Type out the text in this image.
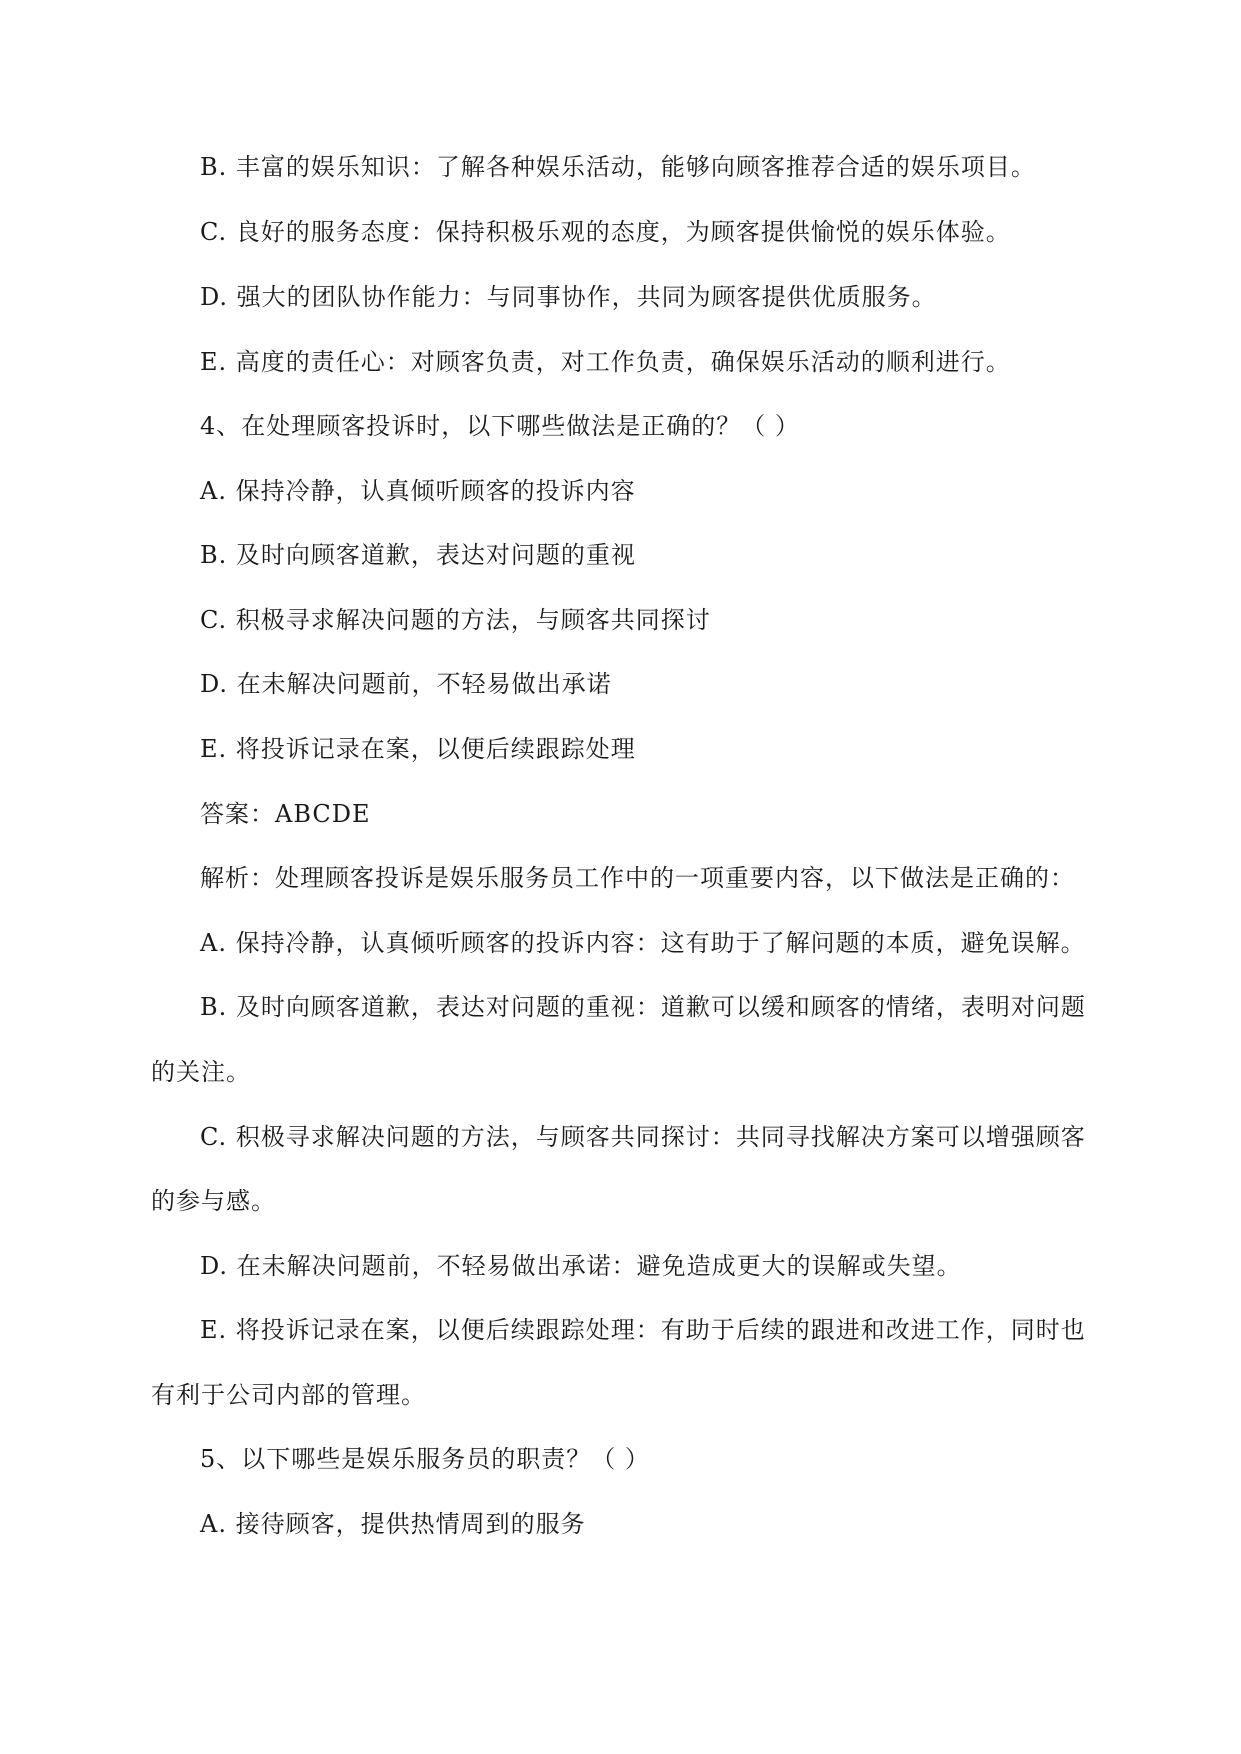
B. 丰富的娱乐知识：了解各种娱乐活动，能够向顾客推荐合适的娱乐项目。
C. 良好的服务态度：保持积极乐观的态度，为顾客提供愉悦的娱乐体验。
D. 强大的团队协作能力：与同事协作，共同为顾客提供优质服务。
E. 高度的责任心：对顾客负责，对工作负责，确保娱乐活动的顺利进行。
4、在处理顾客投诉时，以下哪些做法是正确的？（ ）
A. 保持冷静，认真倾听顾客的投诉内容
B. 及时向顾客道歉，表达对问题的重视
C. 积极寻求解决问题的方法，与顾客共同探讨
D. 在未解决问题前，不轻易做出承诺
E. 将投诉记录在案，以便后续跟踪处理
答案：ABCDE
解析：处理顾客投诉是娱乐服务员工作中的一项重要内容，以下做法是正确的：
A. 保持冷静，认真倾听顾客的投诉内容：这有助于了解问题的本质，避免误解。
B. 及时向顾客道歉，表达对问题的重视：道歉可以缓和顾客的情绪，表明对问题
的关注。
C. 积极寻求解决问题的方法，与顾客共同探讨：共同寻找解决方案可以增强顾客
的参与感。
D. 在未解决问题前，不轻易做出承诺：避免造成更大的误解或失望。
E. 将投诉记录在案，以便后续跟踪处理：有助于后续的跟进和改进工作，同时也
有利于公司内部的管理。
5、以下哪些是娱乐服务员的职责？（ ）
A. 接待顾客，提供热情周到的服务
